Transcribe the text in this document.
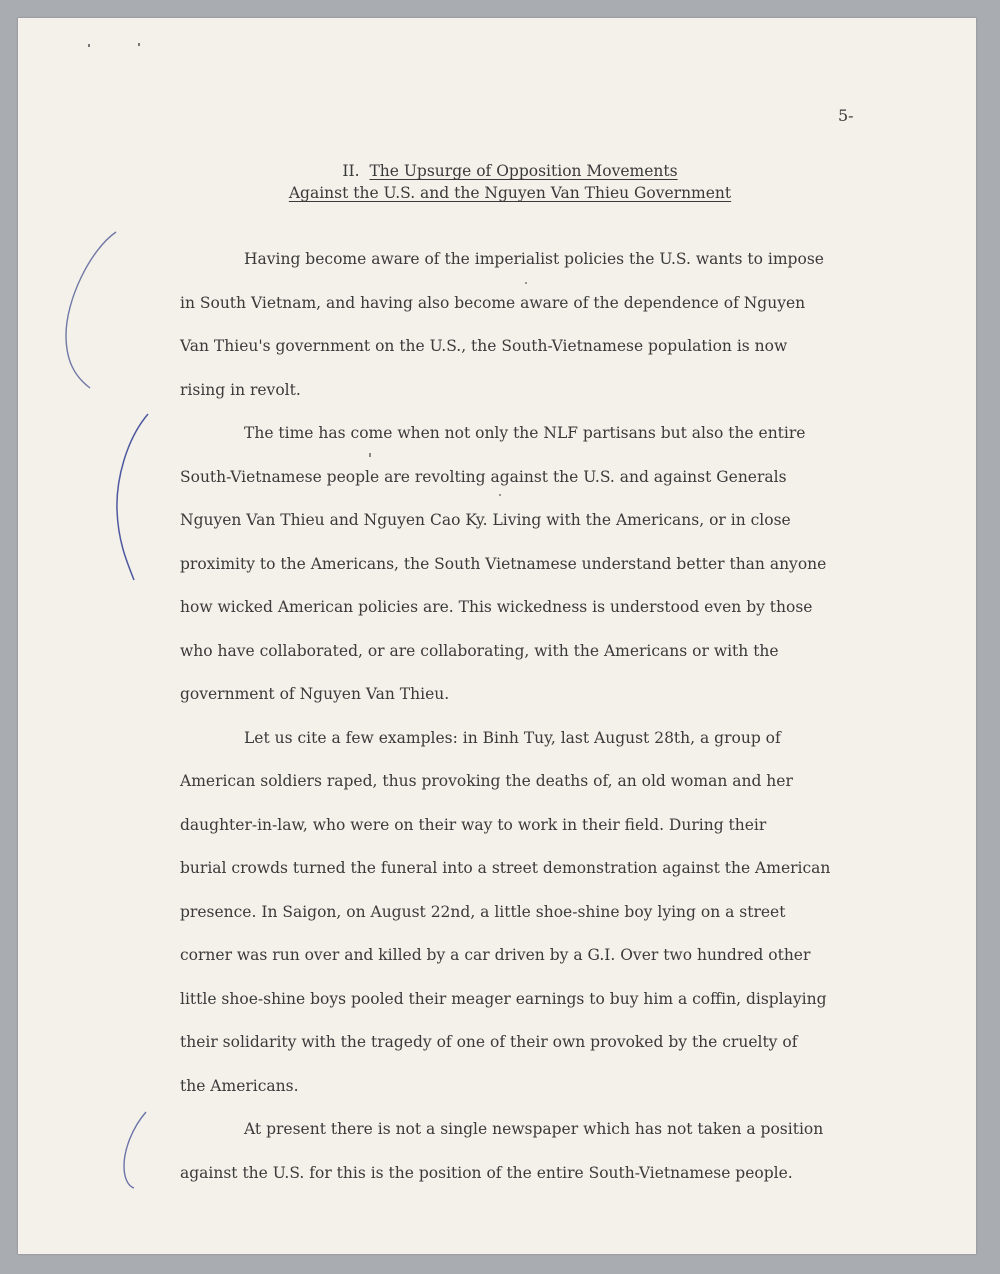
5-

II. The Upsurge of Opposition Movements
Against the U.S. and the Nguyen Van Thieu Government

Having become aware of the imperialist policies the U.S. wants to impose
in South Vietnam, and having also become aware of the dependence of Nguyen
Van Thieu's government on the U.S., the South-Vietnamese population is now
rising in revolt.
The time has come when not only the NLF partisans but also the entire
South-Vietnamese people are revolting against the U.S. and against Generals
Nguyen Van Thieu and Nguyen Cao Ky. Living with the Americans, or in close
proximity to the Americans, the South Vietnamese understand better than anyone
how wicked American policies are. This wickedness is understood even by those
who have collaborated, or are collaborating, with the Americans or with the
government of Nguyen Van Thieu.
Let us cite a few examples: in Binh Tuy, last August 28th, a group of
American soldiers raped, thus provoking the deaths of, an old woman and her
daughter-in-law, who were on their way to work in their field. During their
burial crowds turned the funeral into a street demonstration against the American
presence. In Saigon, on August 22nd, a little shoe-shine boy lying on a street
corner was run over and killed by a car driven by a G.I. Over two hundred other
little shoe-shine boys pooled their meager earnings to buy him a coffin, displaying
their solidarity with the tragedy of one of their own provoked by the cruelty of
the Americans.
At present there is not a single newspaper which has not taken a position
against the U.S. for this is the position of the entire South-Vietnamese people.
